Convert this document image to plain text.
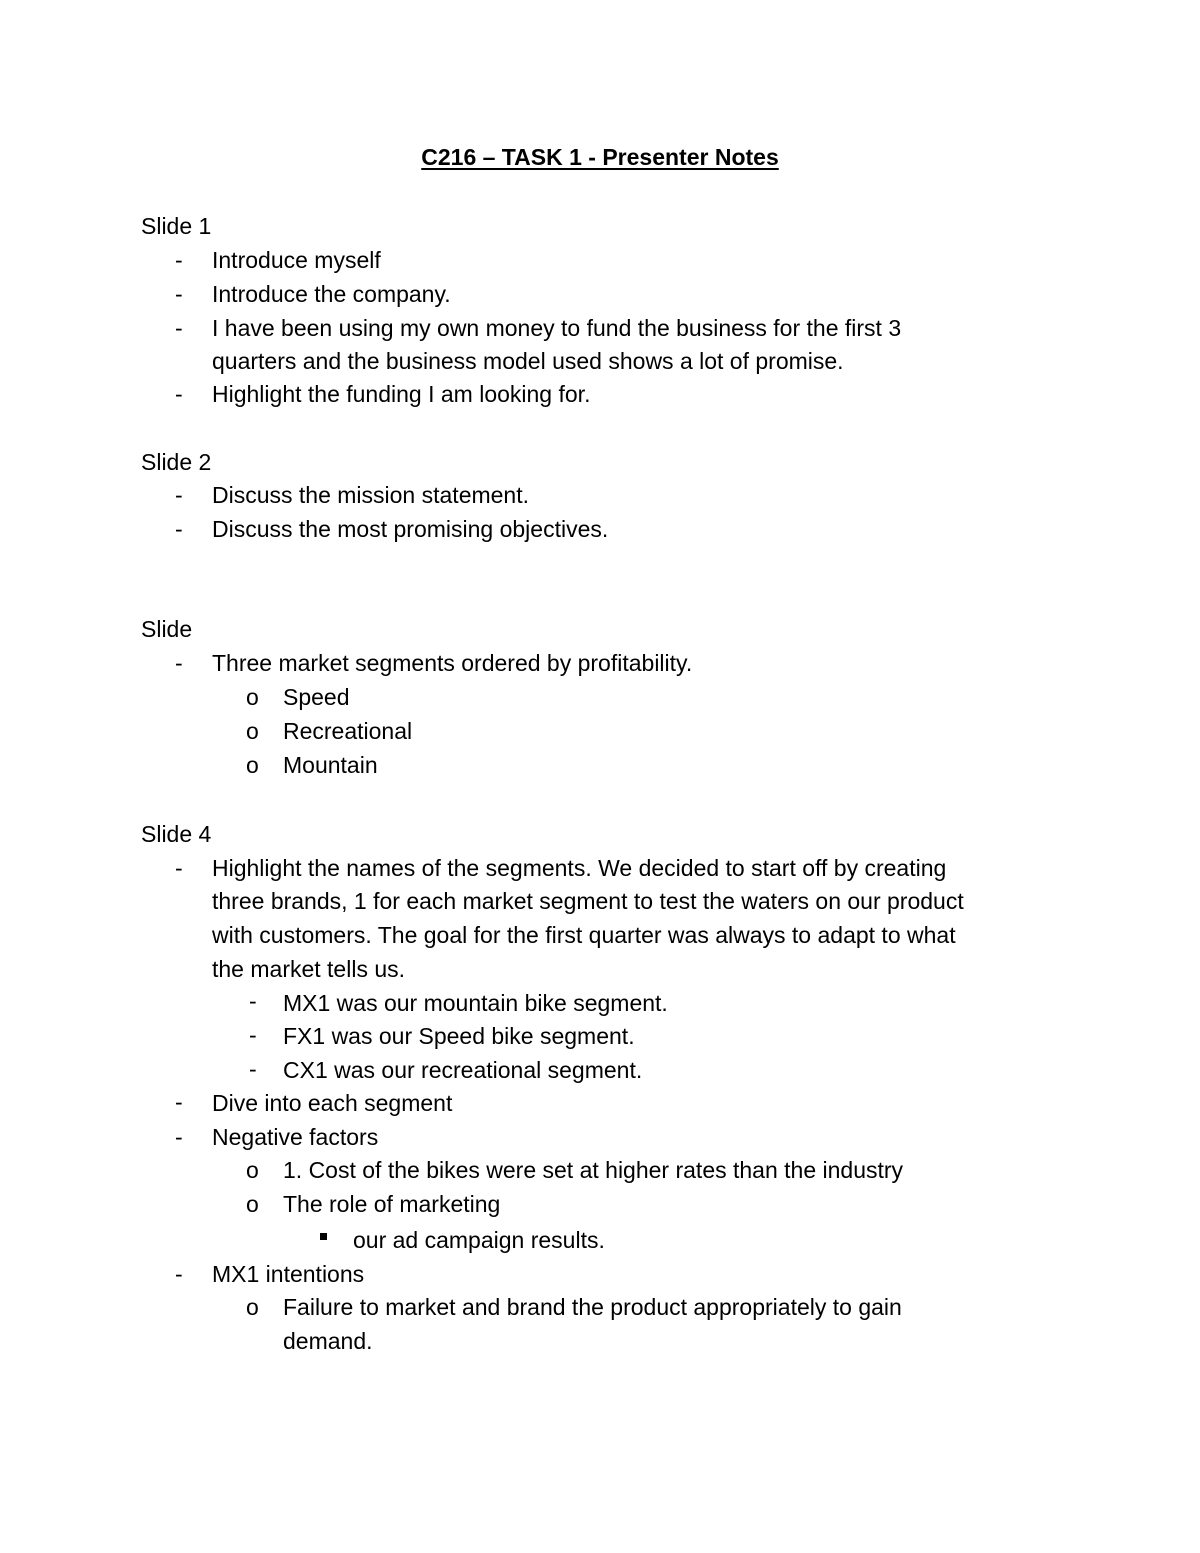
C216 – TASK 1 - Presenter Notes
Slide 1
- Introduce myself
- Introduce the company.
- I have been using my own money to fund the business for the first 3
quarters and the business model used shows a lot of promise.
- Highlight the funding I am looking for.
Slide 2
- Discuss the mission statement.
- Discuss the most promising objectives.
Slide
- Three market segments ordered by profitability.
o Speed
o Recreational
o Mountain
Slide 4
- Highlight the names of the segments. We decided to start off by creating
three brands, 1 for each market segment to test the waters on our product
with customers. The goal for the first quarter was always to adapt to what
the market tells us.
- MX1 was our mountain bike segment.
- FX1 was our Speed bike segment.
- CX1 was our recreational segment.
- Dive into each segment
- Negative factors
o 1. Cost of the bikes were set at higher rates than the industry
o The role of marketing
our ad campaign results.
- MX1 intentions
o Failure to market and brand the product appropriately to gain
demand.
